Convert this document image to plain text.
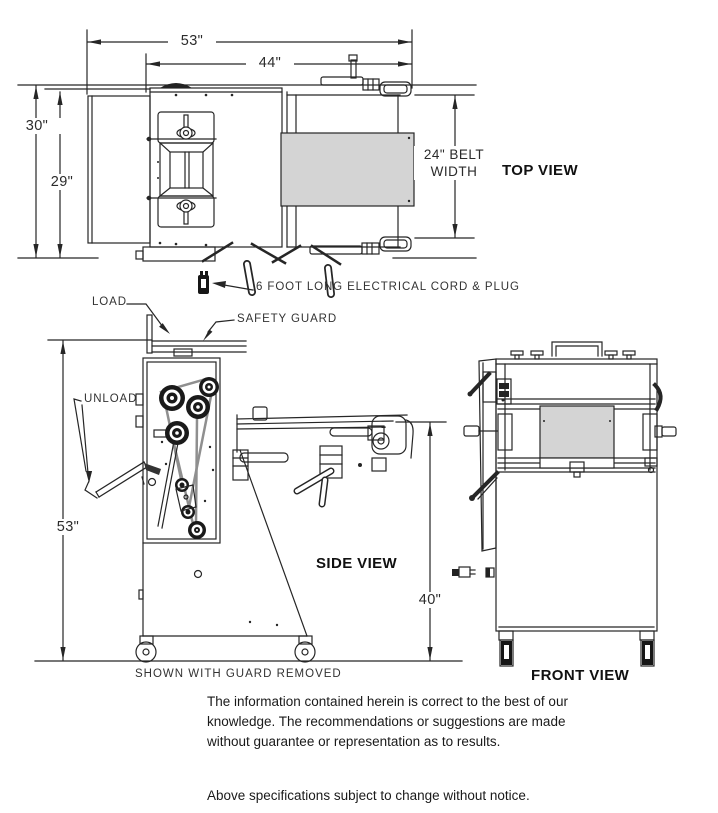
53"
44"
30"
29"
24" BELT
WIDTH	TOP VIEW
6 FOOT LONG ELECTRICAL CORD & PLUG
LOAD
SAFETY GUARD
UNLOAD
53"
SIDE VIEW
40"
SHOWN WITH GUARD REMOVED	FRONT VIEW
The information contained herein is correct to the best of our knowledge. The recommendations or suggestions are made without guarantee or representation as to results.
Above specifications subject to change without notice.
